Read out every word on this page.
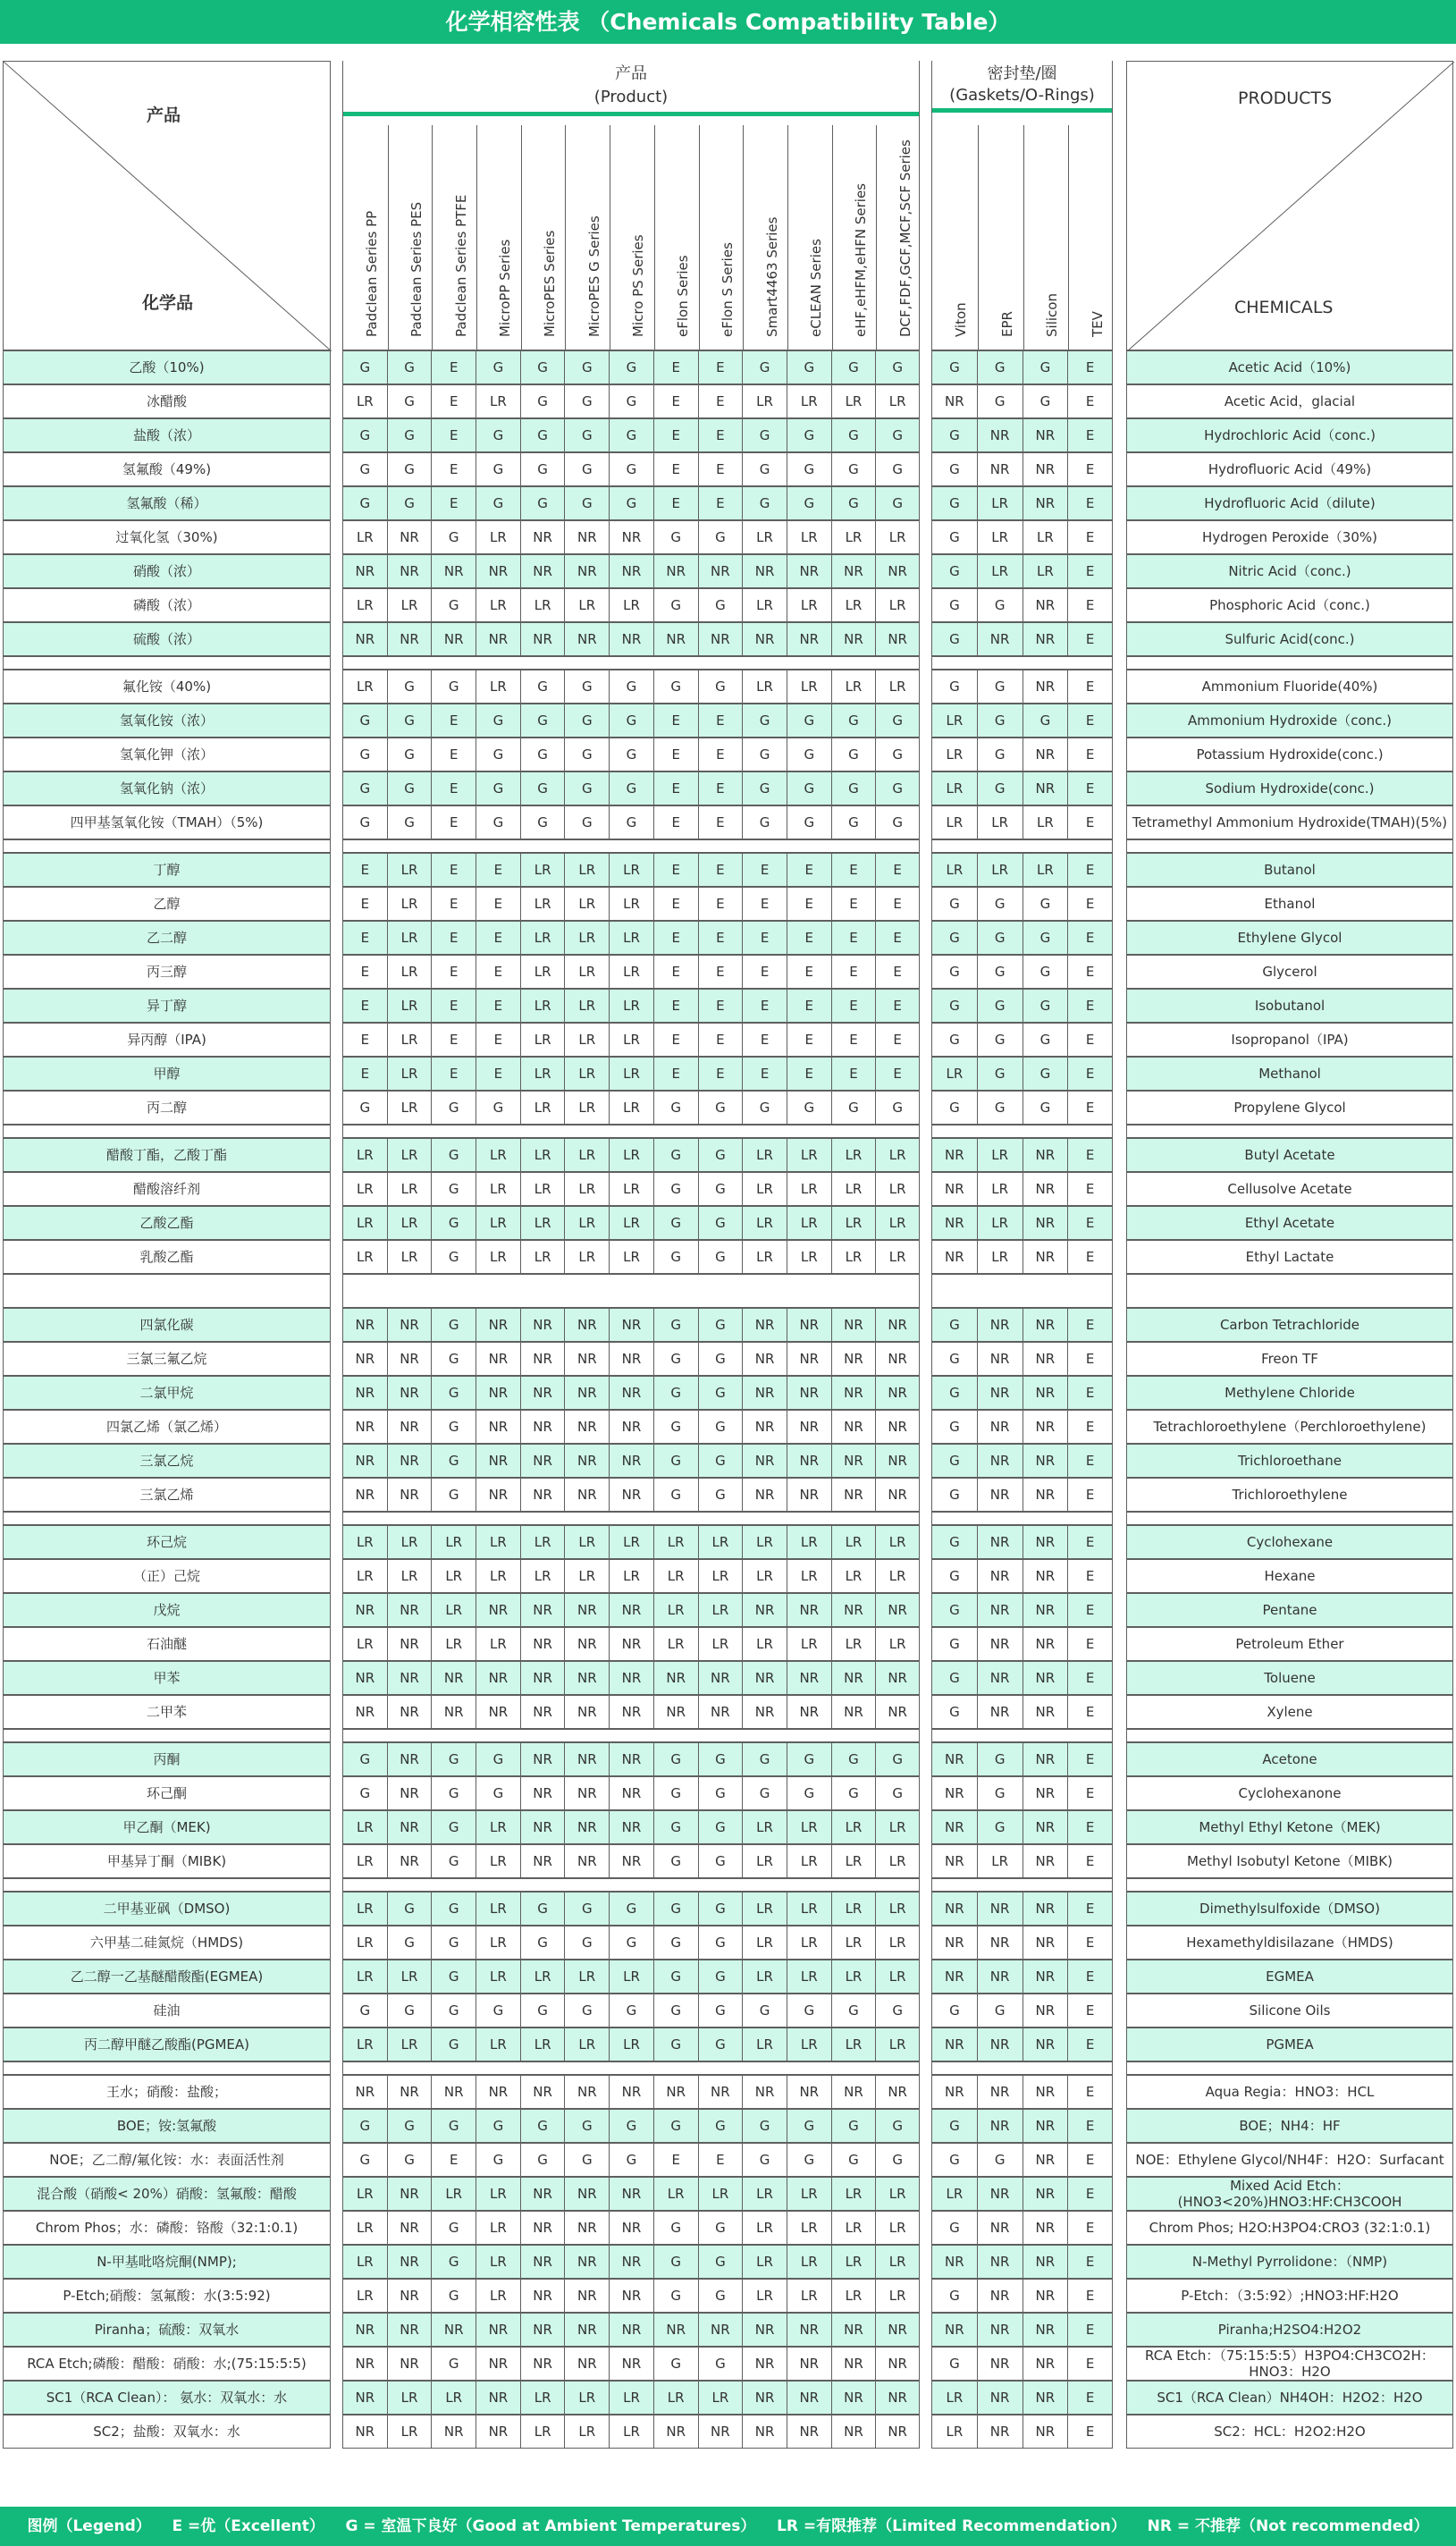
化学相容性表 （Chemicals Compatibility Table）
产品
化学品
PRODUCTS
CHEMICALS
产品
(Product)
Padclean Series PP Padclean Series PES Padclean Series PTFE MicroPP Series MicroPES Series MicroPES G Series Micro PS Series eFlon Series eFlon S Series Smart4463 Series eCLEAN Series eHF,eHFM,eHFN Series DCF,FDF,GCF,MCF,SCF Series
密封垫/圈
(Gaskets/O-Rings)
Viton EPR Silicon TEV
乙酸（10%)	G	G	E	G	G	G	G	E	E	G	G	G	G	G	G	G	E	Acetic Acid（10%)
冰醋酸	LR	G	E	LR	G	G	G	E	E	LR	LR	LR	LR	NR	G	G	E	Acetic Acid，glacial
盐酸（浓）	G	G	E	G	G	G	G	E	E	G	G	G	G	G	NR	NR	E	Hydrochloric Acid（conc.)
氢氟酸（49%)	G	G	E	G	G	G	G	E	E	G	G	G	G	G	NR	NR	E	Hydrofluoric Acid（49%)
氢氟酸（稀）	G	G	E	G	G	G	G	E	E	G	G	G	G	G	LR	NR	E	Hydrofluoric Acid（dilute)
过氧化氢（30%)	LR	NR	G	LR	NR	NR	NR	G	G	LR	LR	LR	LR	G	LR	LR	E	Hydrogen Peroxide（30%)
硝酸（浓）	NR	NR	NR	NR	NR	NR	NR	NR	NR	NR	NR	NR	NR	G	LR	LR	E	Nitric Acid（conc.)
磷酸（浓）	LR	LR	G	LR	LR	LR	LR	G	G	LR	LR	LR	LR	G	G	NR	E	Phosphoric Acid（conc.)
硫酸（浓）	NR	NR	NR	NR	NR	NR	NR	NR	NR	NR	NR	NR	NR	G	NR	NR	E	Sulfuric Acid(conc.)
氟化铵（40%)	LR	G	G	LR	G	G	G	G	G	LR	LR	LR	LR	G	G	NR	E	Ammonium Fluoride(40%)
氢氧化铵（浓）	G	G	E	G	G	G	G	E	E	G	G	G	G	LR	G	G	E	Ammonium Hydroxide（conc.)
氢氧化钾（浓）	G	G	E	G	G	G	G	E	E	G	G	G	G	LR	G	NR	E	Potassium Hydroxide(conc.)
氢氧化钠（浓）	G	G	E	G	G	G	G	E	E	G	G	G	G	LR	G	NR	E	Sodium Hydroxide(conc.)
四甲基氢氧化铵（TMAH）（5%)	G	G	E	G	G	G	G	E	E	G	G	G	G	LR	LR	LR	E	Tetramethyl Ammonium Hydroxide(TMAH)(5%)
丁醇	E	LR	E	E	LR	LR	LR	E	E	E	E	E	E	LR	LR	LR	E	Butanol
乙醇	E	LR	E	E	LR	LR	LR	E	E	E	E	E	E	G	G	G	E	Ethanol
乙二醇	E	LR	E	E	LR	LR	LR	E	E	E	E	E	E	G	G	G	E	Ethylene Glycol
丙三醇	E	LR	E	E	LR	LR	LR	E	E	E	E	E	E	G	G	G	E	Glycerol
异丁醇	E	LR	E	E	LR	LR	LR	E	E	E	E	E	E	G	G	G	E	Isobutanol
异丙醇（IPA)	E	LR	E	E	LR	LR	LR	E	E	E	E	E	E	G	G	G	E	Isopropanol（IPA)
甲醇	E	LR	E	E	LR	LR	LR	E	E	E	E	E	E	LR	G	G	E	Methanol
丙二醇	G	LR	G	G	LR	LR	LR	G	G	G	G	G	G	G	G	G	E	Propylene Glycol
醋酸丁酯，乙酸丁酯	LR	LR	G	LR	LR	LR	LR	G	G	LR	LR	LR	LR	NR	LR	NR	E	Butyl Acetate
醋酸溶纤剂	LR	LR	G	LR	LR	LR	LR	G	G	LR	LR	LR	LR	NR	LR	NR	E	Cellusolve Acetate
乙酸乙酯	LR	LR	G	LR	LR	LR	LR	G	G	LR	LR	LR	LR	NR	LR	NR	E	Ethyl Acetate
乳酸乙酯	LR	LR	G	LR	LR	LR	LR	G	G	LR	LR	LR	LR	NR	LR	NR	E	Ethyl Lactate
四氯化碳	NR	NR	G	NR	NR	NR	NR	G	G	NR	NR	NR	NR	G	NR	NR	E	Carbon Tetrachloride
三氯三氟乙烷	NR	NR	G	NR	NR	NR	NR	G	G	NR	NR	NR	NR	G	NR	NR	E	Freon TF
二氯甲烷	NR	NR	G	NR	NR	NR	NR	G	G	NR	NR	NR	NR	G	NR	NR	E	Methylene Chloride
四氯乙烯（氯乙烯）	NR	NR	G	NR	NR	NR	NR	G	G	NR	NR	NR	NR	G	NR	NR	E	Tetrachloroethylene（Perchloroethylene)
三氯乙烷	NR	NR	G	NR	NR	NR	NR	G	G	NR	NR	NR	NR	G	NR	NR	E	Trichloroethane
三氯乙烯	NR	NR	G	NR	NR	NR	NR	G	G	NR	NR	NR	NR	G	NR	NR	E	Trichloroethylene
环己烷	LR	LR	LR	LR	LR	LR	LR	LR	LR	LR	LR	LR	LR	G	NR	NR	E	Cyclohexane
（正）己烷	LR	LR	LR	LR	LR	LR	LR	LR	LR	LR	LR	LR	LR	G	NR	NR	E	Hexane
戊烷	NR	NR	LR	NR	NR	NR	NR	LR	LR	NR	NR	NR	NR	G	NR	NR	E	Pentane
石油醚	LR	NR	LR	LR	NR	NR	NR	LR	LR	LR	LR	LR	LR	G	NR	NR	E	Petroleum Ether
甲苯	NR	NR	NR	NR	NR	NR	NR	NR	NR	NR	NR	NR	NR	G	NR	NR	E	Toluene
二甲苯	NR	NR	NR	NR	NR	NR	NR	NR	NR	NR	NR	NR	NR	G	NR	NR	E	Xylene
丙酮	G	NR	G	G	NR	NR	NR	G	G	G	G	G	G	NR	G	NR	E	Acetone
环己酮	G	NR	G	G	NR	NR	NR	G	G	G	G	G	G	NR	G	NR	E	Cyclohexanone
甲乙酮（MEK)	LR	NR	G	LR	NR	NR	NR	G	G	LR	LR	LR	LR	NR	G	NR	E	Methyl Ethyl Ketone（MEK)
甲基异丁酮（MIBK)	LR	NR	G	LR	NR	NR	NR	G	G	LR	LR	LR	LR	NR	LR	NR	E	Methyl Isobutyl Ketone（MIBK)
二甲基亚砜（DMSO)	LR	G	G	LR	G	G	G	G	G	LR	LR	LR	LR	NR	NR	NR	E	Dimethylsulfoxide（DMSO)
六甲基二硅氮烷（HMDS)	LR	G	G	LR	G	G	G	G	G	LR	LR	LR	LR	NR	NR	NR	E	Hexamethyldisilazane（HMDS)
乙二醇一乙基醚醋酸酯(EGMEA)	LR	LR	G	LR	LR	LR	LR	G	G	LR	LR	LR	LR	NR	NR	NR	E	EGMEA
硅油	G	G	G	G	G	G	G	G	G	G	G	G	G	G	G	NR	E	Silicone Oils
丙二醇甲醚乙酸酯(PGMEA)	LR	LR	G	LR	LR	LR	LR	G	G	LR	LR	LR	LR	NR	NR	NR	E	PGMEA
王水；硝酸：盐酸；	NR	NR	NR	NR	NR	NR	NR	NR	NR	NR	NR	NR	NR	NR	NR	NR	E	Aqua Regia：HNO3：HCL
BOE；铵:氢氟酸	G	G	G	G	G	G	G	G	G	G	G	G	G	G	NR	NR	E	BOE；NH4：HF
NOE；乙二醇/氟化铵：水：表面活性剂	G	G	E	G	G	G	G	E	E	G	G	G	G	G	G	NR	E	NOE：Ethylene Glycol/NH4F：H2O：Surfacant
混合酸（硝酸< 20%）硝酸：氢氟酸：醋酸	LR	NR	LR	LR	NR	NR	NR	LR	LR	LR	LR	LR	LR	LR	NR	NR	E	Mixed Acid Etch：(HNO3<20%)HNO3:HF:CH3COOH
Chrom Phos；水：磷酸：铬酸（32:1:0.1)	LR	NR	G	LR	NR	NR	NR	G	G	LR	LR	LR	LR	G	NR	NR	E	Chrom Phos; H2O:H3PO4:CRO3 (32:1:0.1)
N-甲基吡咯烷酮(NMP);	LR	NR	G	LR	NR	NR	NR	G	G	LR	LR	LR	LR	NR	NR	NR	E	N-Methyl Pyrrolidone：（NMP)
P-Etch;硝酸：氢氟酸：水(3:5:92)	LR	NR	G	LR	NR	NR	NR	G	G	LR	LR	LR	LR	G	NR	NR	E	P-Etch：（3:5:92）;HNO3:HF:H2O
Piranha；硫酸：双氧水	NR	NR	NR	NR	NR	NR	NR	NR	NR	NR	NR	NR	NR	NR	NR	NR	E	Piranha;H2SO4:H2O2
RCA Etch;磷酸：醋酸：硝酸：水;(75:15:5:5)	NR	NR	G	NR	NR	NR	NR	G	G	NR	NR	NR	NR	G	NR	NR	E	RCA Etch：（75:15:5:5）H3PO4:CH3CO2H：HNO3：H2O
SC1（RCA Clean）： 氨水：双氧水：水	NR	LR	LR	NR	LR	LR	LR	LR	LR	NR	NR	NR	NR	LR	NR	NR	E	SC1（RCA Clean）NH4OH：H2O2：H2O
SC2；盐酸：双氧水：水	NR	LR	NR	NR	LR	LR	LR	NR	NR	NR	NR	NR	NR	LR	NR	NR	E	SC2：HCL：H2O2:H2O
图例（Legend）    E =优（Excellent）    G = 室温下良好（Good at Ambient Temperatures）    LR =有限推荐（Limited Recommendation）    NR = 不推荐（Not recommended）
